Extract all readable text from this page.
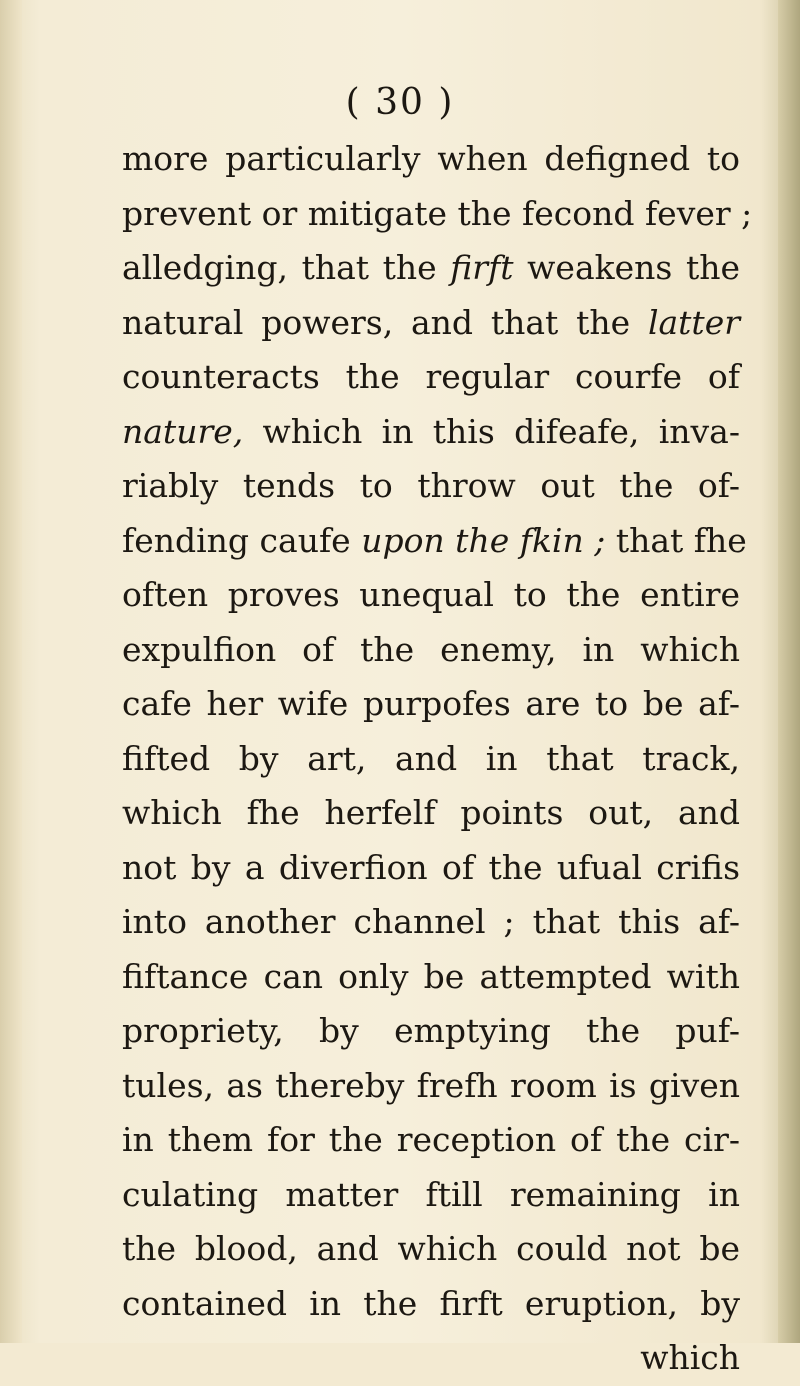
( 30 )
more particularly when defigned to
prevent or mitigate the fecond fever ;
alledging, that the firft weakens the
natural powers, and that the latter
counteracts the regular courfe of
nature, which in this difeafe, inva-
riably tends to throw out the of-
fending caufe upon the fkin ; that fhe
often proves unequal to the entire
expulfion of the enemy, in which
cafe her wife purpofes are to be af-
fifted by art, and in that track,
which fhe herfelf points out, and
not by a diverfion of the ufual crifis
into another channel ; that this af-
fiftance can only be attempted with
propriety, by emptying the puf-
tules, as thereby frefh room is given
in them for the reception of the cir-
culating matter ftill remaining in
the blood, and which could not be
contained in the firft eruption, by
which
